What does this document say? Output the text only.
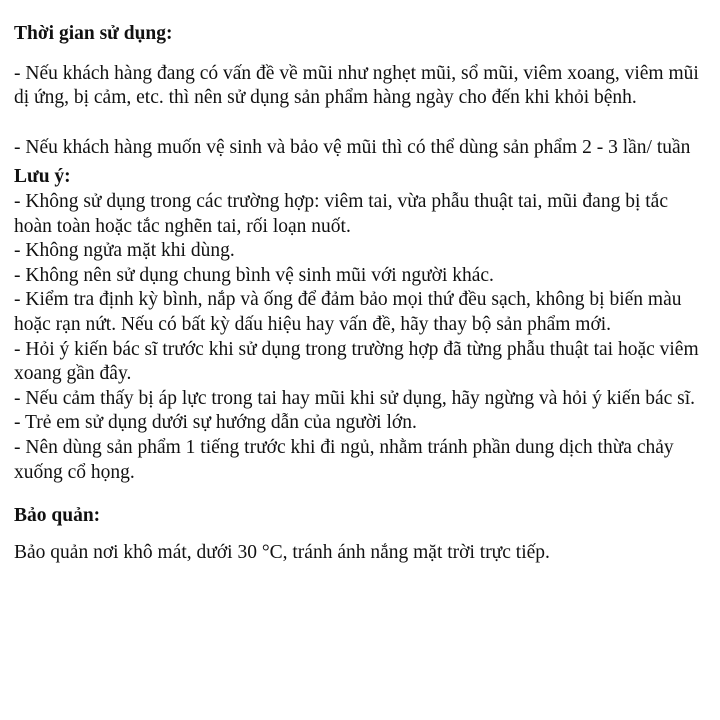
Thời gian sử dụng:

- Nếu khách hàng đang có vấn đề về mũi như nghẹt mũi, sổ mũi, viêm xoang, viêm mũi dị ứng, bị cảm, etc. thì nên sử dụng sản phẩm hàng ngày cho đến khi khỏi bệnh.

- Nếu khách hàng muốn vệ sinh và bảo vệ mũi thì có thể dùng sản phẩm 2 - 3 lần/ tuần

Lưu ý:

- Không sử dụng trong các trường hợp: viêm tai, vừa phẫu thuật tai, mũi đang bị tắc hoàn toàn hoặc tắc nghẽn tai, rối loạn nuốt.
- Không ngửa mặt khi dùng.
- Không nên sử dụng chung bình vệ sinh mũi với người khác.
- Kiểm tra định kỳ bình, nắp và ống để đảm bảo mọi thứ đều sạch, không bị biến màu hoặc rạn nứt. Nếu có bất kỳ dấu hiệu hay vấn đề, hãy thay bộ sản phẩm mới.
- Hỏi ý kiến bác sĩ trước khi sử dụng trong trường hợp đã từng phẫu thuật tai hoặc viêm xoang gần đây.
- Nếu cảm thấy bị áp lực trong tai hay mũi khi sử dụng, hãy ngừng và hỏi ý kiến bác sĩ.
- Trẻ em sử dụng dưới sự hướng dẫn của người lớn.
- Nên dùng sản phẩm 1 tiếng trước khi đi ngủ, nhằm tránh phần dung dịch thừa chảy xuống cổ họng.

Bảo quản:

Bảo quản nơi khô mát, dưới 30 °C, tránh ánh nắng mặt trời trực tiếp.
